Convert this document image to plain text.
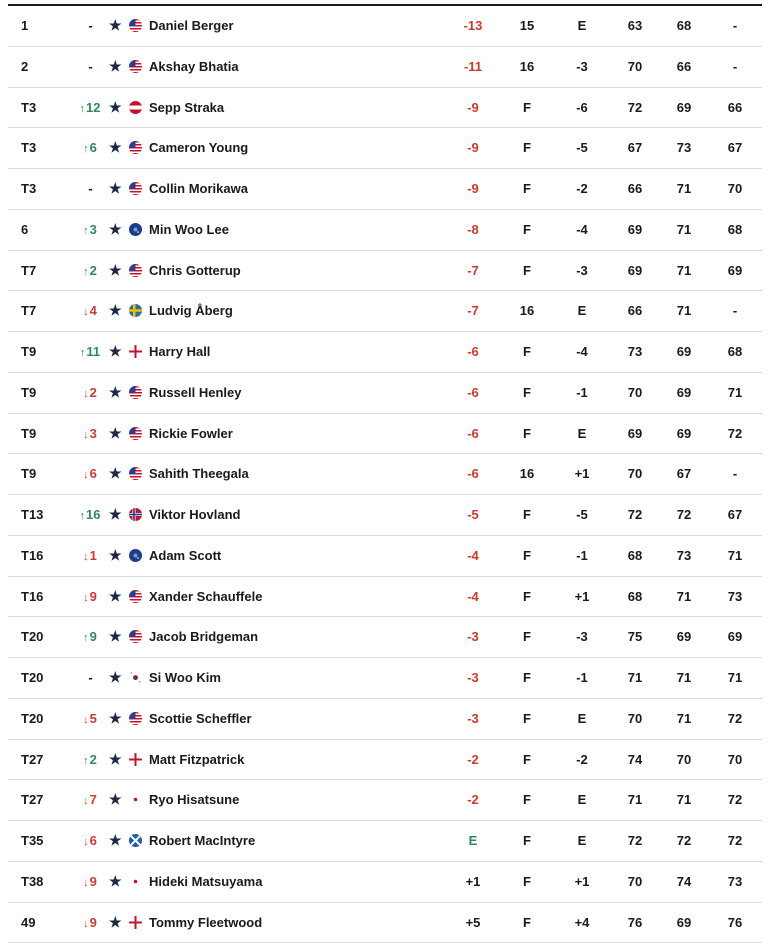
1	-	★ Daniel Berger	-13	15	E	63	68	-
2	-	★ Akshay Bhatia	-11	16	-3	70	66	-
T3	↑12 ★ Sepp Straka	-9	F	-6	72	69	66
T3	↑6 ★ Cameron Young	-9	F	-5	67	73	67
T3	-	★ Collin Morikawa	-9	F	-2	66	71	70
6	↑3 ★ Min Woo Lee	-8	F	-4	69	71	68
T7	↑2 ★ Chris Gotterup	-7	F	-3	69	71	69
T7	↓4 ★ Ludvig Åberg	-7	16	E	66	71	-
T9	↑11 ★ Harry Hall	-6	F	-4	73	69	68
T9	↓2 ★ Russell Henley	-6	F	-1	70	69	71
T9	↓3 ★ Rickie Fowler	-6	F	E	69	69	72
T9	↓6 ★ Sahith Theegala	-6	16	+1	70	67	-
T13	↑16 ★ Viktor Hovland	-5	F	-5	72	72	67
T16	↓1 ★ Adam Scott	-4	F	-1	68	73	71
T16	↓9 ★ Xander Schauffele	-4	F	+1	68	71	73
T20	↑9 ★ Jacob Bridgeman	-3	F	-3	75	69	69
T20	-	★ Si Woo Kim	-3	F	-1	71	71	71
T20	↓5 ★ Scottie Scheffler	-3	F	E	70	71	72
T27	↑2 ★ Matt Fitzpatrick	-2	F	-2	74	70	70
T27	↓7 ★ Ryo Hisatsune	-2	F	E	71	71	72
T35	↓6 ★ Robert MacIntyre	E	F	E	72	72	72
T38	↓9 ★ Hideki Matsuyama	+1	F	+1	70	74	73
49	↓9 ★ Tommy Fleetwood	+5	F	+4	76	69	76
